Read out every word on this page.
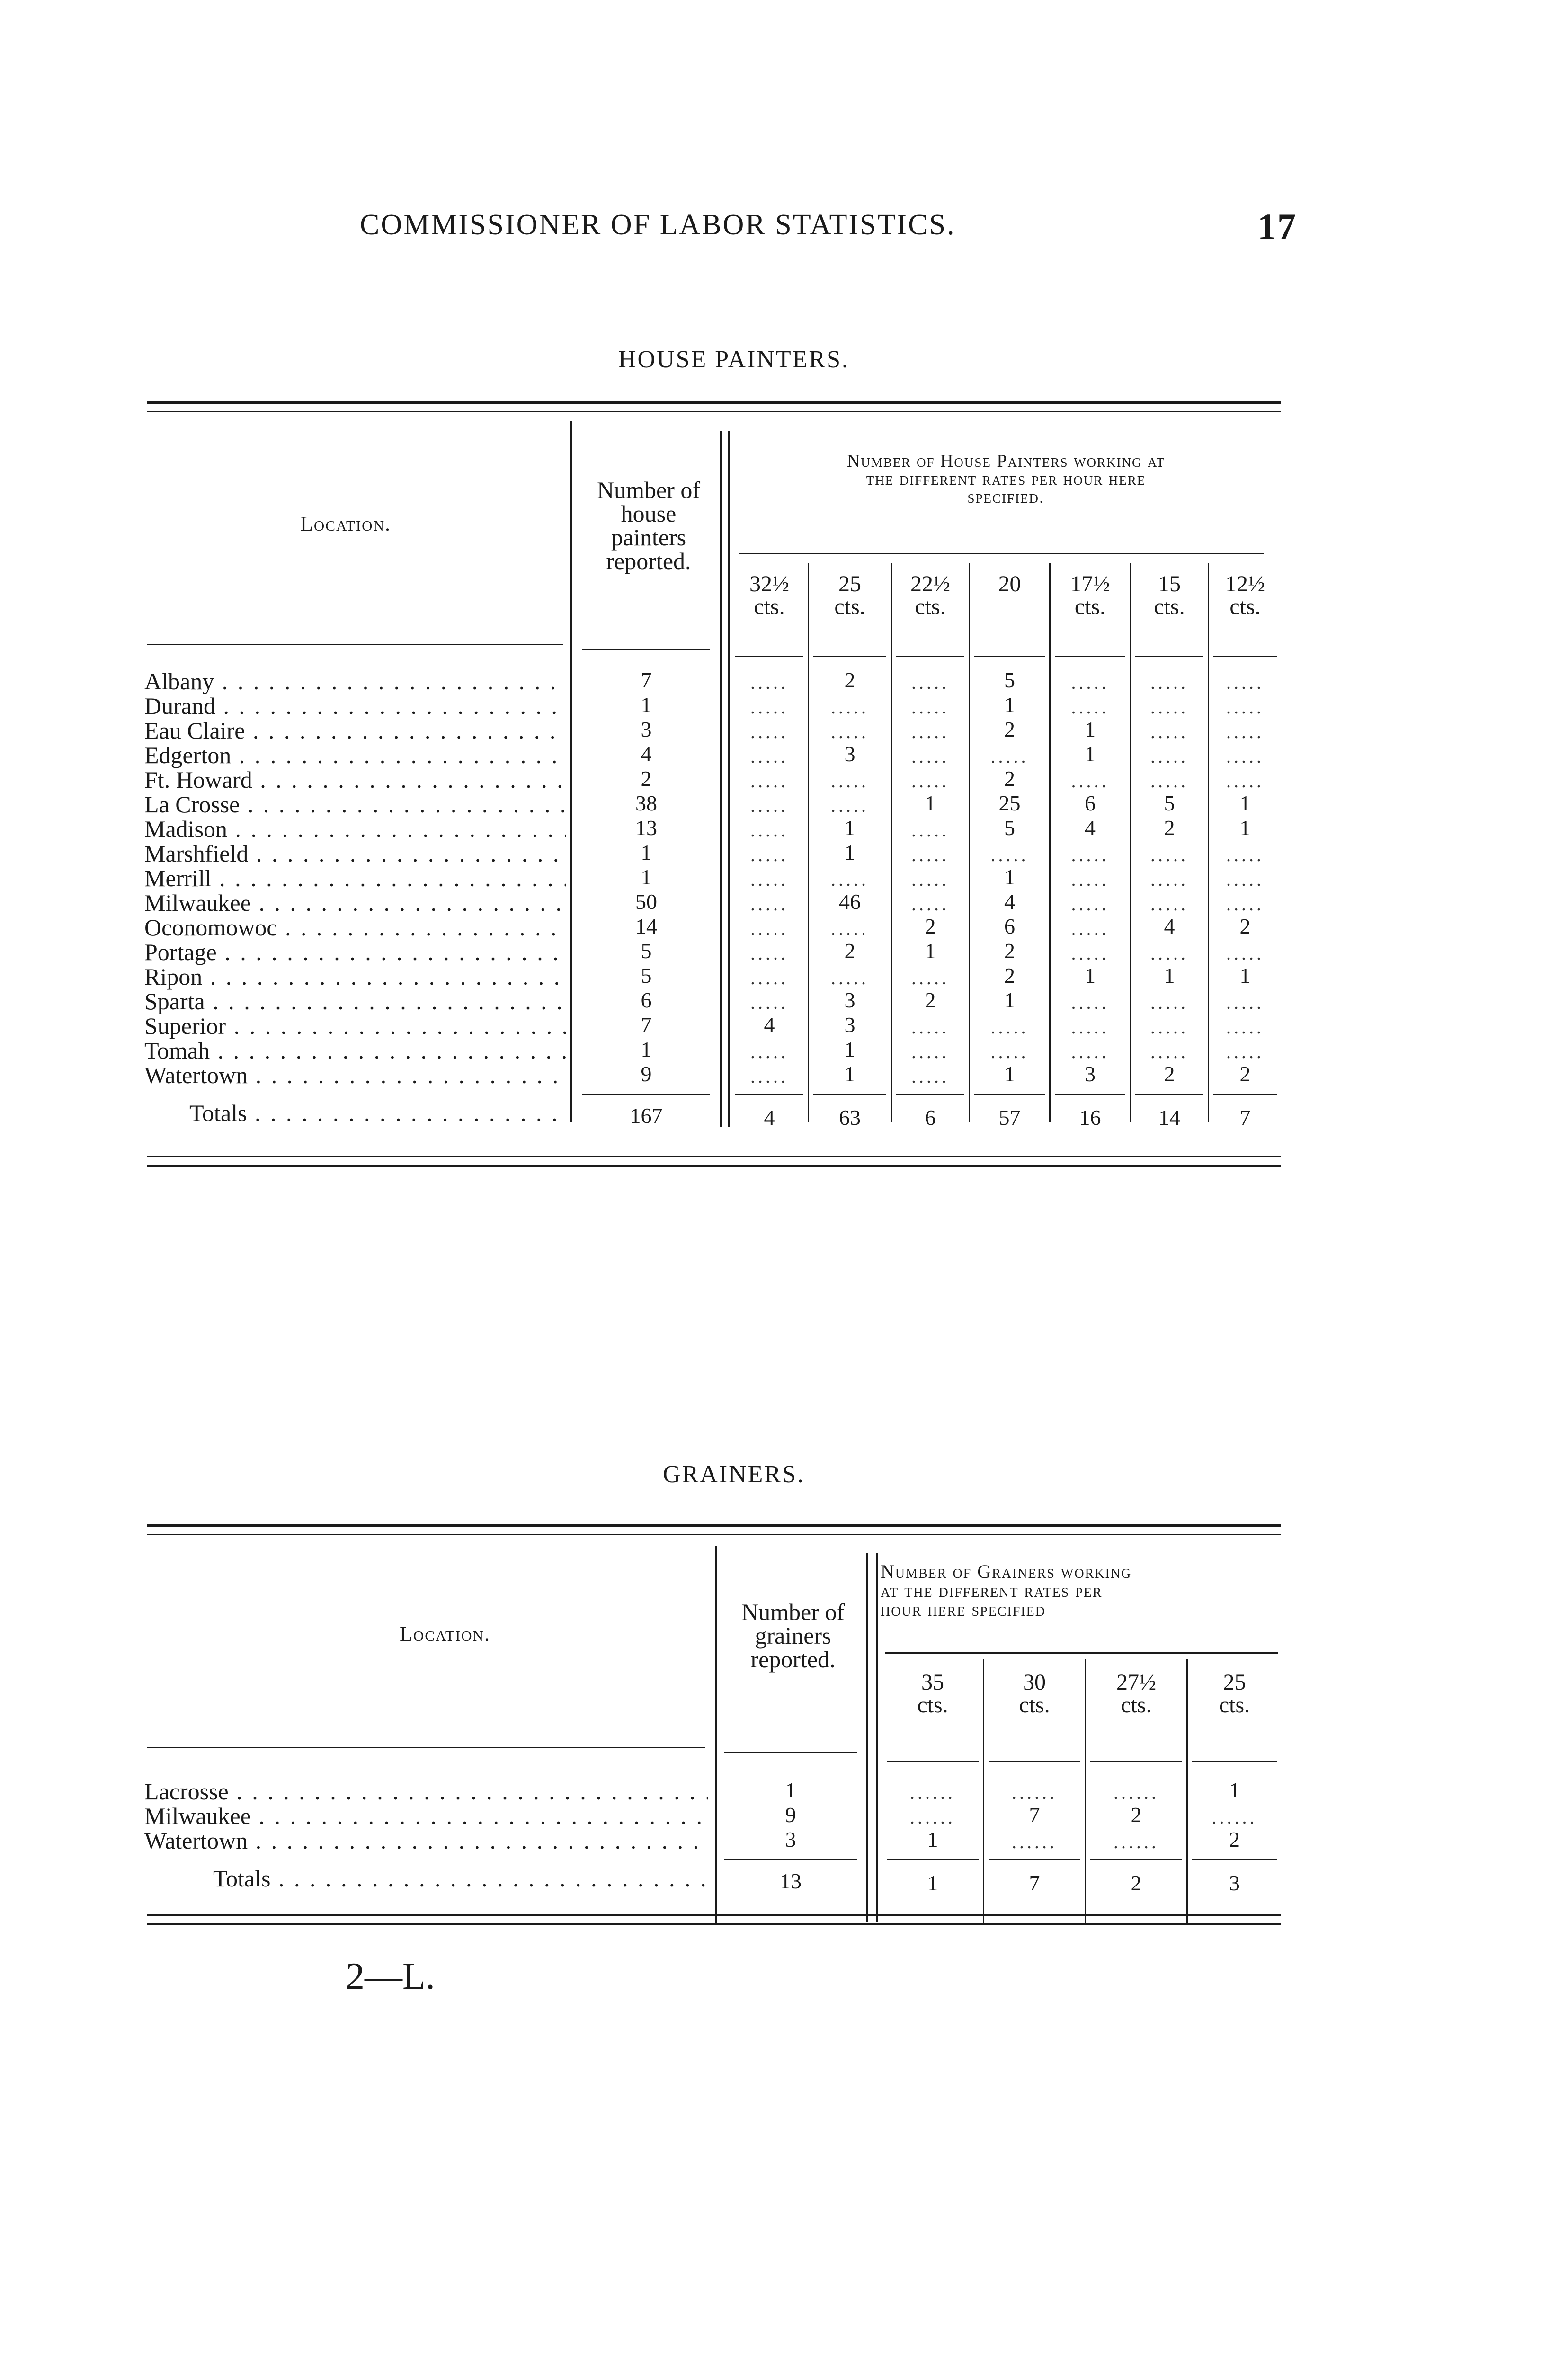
COMMISSIONER OF LABOR STATISTICS.	17
HOUSE PAINTERS.
Location.
Number of
house
painters
reported.
Number of House Painters working at
the different rates per hour here
specified.
32½
cts.
25
cts.
22½
cts.
20	17½
cts.
15
cts.
12½
cts.
Albany . . .	7	.....	2	.....	5	.....	.....	.....
Durand . . .	1	.....	.....	.....	1	.....	.....	.....
Eau Claire . . .	3	.....	.....	.....	2	1	.....	.....
Edgerton . . .	4	.....	3	.....	.....	1	.....	.....
Ft. Howard . . .	2	.....	.....	.....	2	.....	.....	.....
La Crosse . . .	38	.....	.....	1	25	6	5	1
Madison . . .	13	.....	1	.....	5	4	2	1
Marshfield . . .	1	.....	1	.....	.....	.....	.....	.....
Merrill . . .	1	.....	.....	.....	1	.....	.....	.....
Milwaukee . . .	50	.....	46	.....	4	.....	.....	.....
Oconomowoc . . .	14	.....	.....	2	6	.....	4	2
Portage . . .	5	.....	2	1	2	.....	.....	.....
Ripon . . .	5	.....	.....	.....	2	1	1	1
Sparta . . .	6	.....	3	2	1	.....	.....	.....
Superior . . .	7	4	3	.....	.....	.....	.....	.....
Tomah . . .	1	.....	1	.....	.....	.....	.....	.....
Watertown . . .	9	.....	1	.....	1	3	2	2
Totals . . .	167	4	63	6	57	16	14	7
GRAINERS.
Location.
Number of
grainers
reported.
Number of Grainers working
at the different rates per
hour here specified
35
cts.
30
cts.
27½
cts.
25
cts.
Lacrosse . . .	1	......	......	......	1
Milwaukee . . .	9	......	7	2	......
Watertown . . .	3	1	......	......	2
Totals . . .	13	1	7	2	3
2—L.
